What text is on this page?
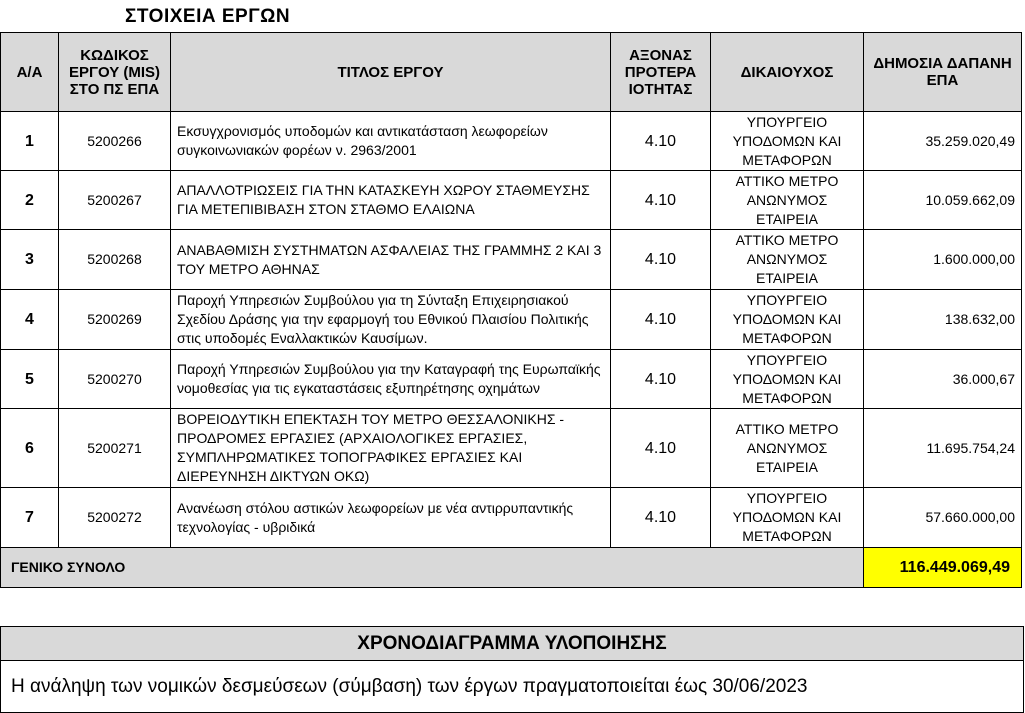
ΣΤΟΙΧΕΙΑ ΕΡΓΩΝ
Α/Α	ΚΩΔΙΚΟΣ ΕΡΓΟΥ (MIS) ΣΤΟ ΠΣ ΕΠΑ	ΤΙΤΛΟΣ ΕΡΓΟΥ	ΑΞΟΝΑΣ ΠΡΟΤΕΡΑ ΙΟΤΗΤΑΣ	ΔΙΚΑΙΟΥΧΟΣ	ΔΗΜΟΣΙΑ ΔΑΠΑΝΗ ΕΠΑ
1	5200266	Εκσυγχρονισμός υποδομών και αντικατάσταση λεωφορείων συγκοινωνιακών φορέων ν. 2963/2001	4.10	ΥΠΟΥΡΓΕΙΟ ΥΠΟΔΟΜΩΝ ΚΑΙ ΜΕΤΑΦΟΡΩΝ	35.259.020,49
2	5200267	ΑΠΑΛΛΟΤΡΙΩΣΕΙΣ ΓΙΑ ΤΗΝ ΚΑΤΑΣΚΕΥΗ ΧΩΡΟΥ ΣΤΑΘΜΕΥΣΗΣ ΓΙΑ ΜΕΤΕΠΙΒΙΒΑΣΗ ΣΤΟΝ ΣΤΑΘΜΟ ΕΛΑΙΩΝΑ	4.10	ΑΤΤΙΚΟ ΜΕΤΡΟ ΑΝΩΝΥΜΟΣ ΕΤΑΙΡΕΙΑ	10.059.662,09
3	5200268	ΑΝΑΒΑΘΜΙΣΗ ΣΥΣΤΗΜΑΤΩΝ ΑΣΦΑΛΕΙΑΣ ΤΗΣ ΓΡΑΜΜΗΣ 2 ΚΑΙ 3 ΤΟΥ ΜΕΤΡΟ ΑΘΗΝΑΣ	4.10	ΑΤΤΙΚΟ ΜΕΤΡΟ ΑΝΩΝΥΜΟΣ ΕΤΑΙΡΕΙΑ	1.600.000,00
4	5200269	Παροχή Υπηρεσιών Συμβούλου για τη Σύνταξη Επιχειρησιακού Σχεδίου Δράσης για την εφαρμογή του Εθνικού Πλαισίου Πολιτικής στις υποδομές Εναλλακτικών Καυσίμων.	4.10	ΥΠΟΥΡΓΕΙΟ ΥΠΟΔΟΜΩΝ ΚΑΙ ΜΕΤΑΦΟΡΩΝ	138.632,00
5	5200270	Παροχή Υπηρεσιών Συμβούλου για την Καταγραφή της Ευρωπαϊκής νομοθεσίας για τις εγκαταστάσεις εξυπηρέτησης οχημάτων	4.10	ΥΠΟΥΡΓΕΙΟ ΥΠΟΔΟΜΩΝ ΚΑΙ ΜΕΤΑΦΟΡΩΝ	36.000,67
6	5200271	ΒΟΡΕΙΟΔΥΤΙΚΗ ΕΠΕΚΤΑΣΗ ΤΟΥ ΜΕΤΡΟ ΘΕΣΣΑΛΟΝΙΚΗΣ - ΠΡΟΔΡΟΜΕΣ ΕΡΓΑΣΙΕΣ (ΑΡΧΑΙΟΛΟΓΙΚΕΣ ΕΡΓΑΣΙΕΣ, ΣΥΜΠΛΗΡΩΜΑΤΙΚΕΣ ΤΟΠΟΓΡΑΦΙΚΕΣ ΕΡΓΑΣΙΕΣ ΚΑΙ ΔΙΕΡΕΥΝΗΣΗ ΔΙΚΤΥΩΝ ΟΚΩ)	4.10	ΑΤΤΙΚΟ ΜΕΤΡΟ ΑΝΩΝΥΜΟΣ ΕΤΑΙΡΕΙΑ	11.695.754,24
7	5200272	Ανανέωση στόλου αστικών λεωφορείων με νέα αντιρρυπαντικής τεχνολογίας - υβριδικά	4.10	ΥΠΟΥΡΓΕΙΟ ΥΠΟΔΟΜΩΝ ΚΑΙ ΜΕΤΑΦΟΡΩΝ	57.660.000,00
ΓΕΝΙΚΟ ΣΥΝΟΛΟ					116.449.069,49
ΧΡΟΝΟΔΙΑΓΡΑΜΜΑ ΥΛΟΠΟΙΗΣΗΣ
Η ανάληψη των νομικών δεσμεύσεων (σύμβαση) των έργων πραγματοποιείται έως 30/06/2023
